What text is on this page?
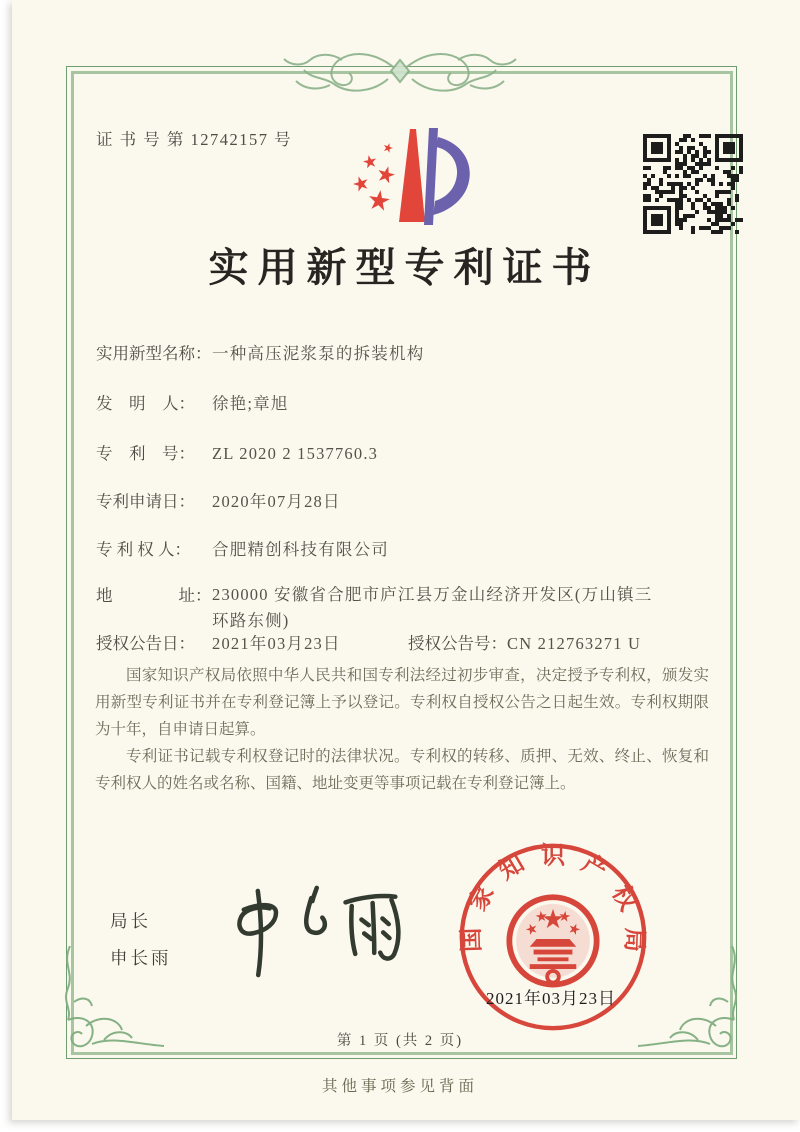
证 书 号 第 12742157 号
实用新型专利证书
实用新型名称：一种高压泥浆泵的拆装机构
发　明　人： 徐艳;章旭
专　利　号： ZL 2020 2 1537760.3
专利申请日： 2020年07月28日
专 利 权 人： 合肥精创科技有限公司
地　　　　址：230000 安徽省合肥市庐江县万金山经济开发区(万山镇三环路东侧)
授权公告日： 2021年03月23日	授权公告号：CN 212763271 U

国家知识产权局依照中华人民共和国专利法经过初步审查，决定授予专利权，颁发实用新型专利证书并在专利登记簿上予以登记。专利权自授权公告之日起生效。专利权期限为十年，自申请日起算。

专利证书记载专利权登记时的法律状况。专利权的转移、质押、无效、终止、恢复和专利权人的姓名或名称、国籍、地址变更等事项记载在专利登记簿上。

局长
申长雨
国家知识产权局
2021年03月23日
第 1 页 (共 2 页)
其他事项参见背面
